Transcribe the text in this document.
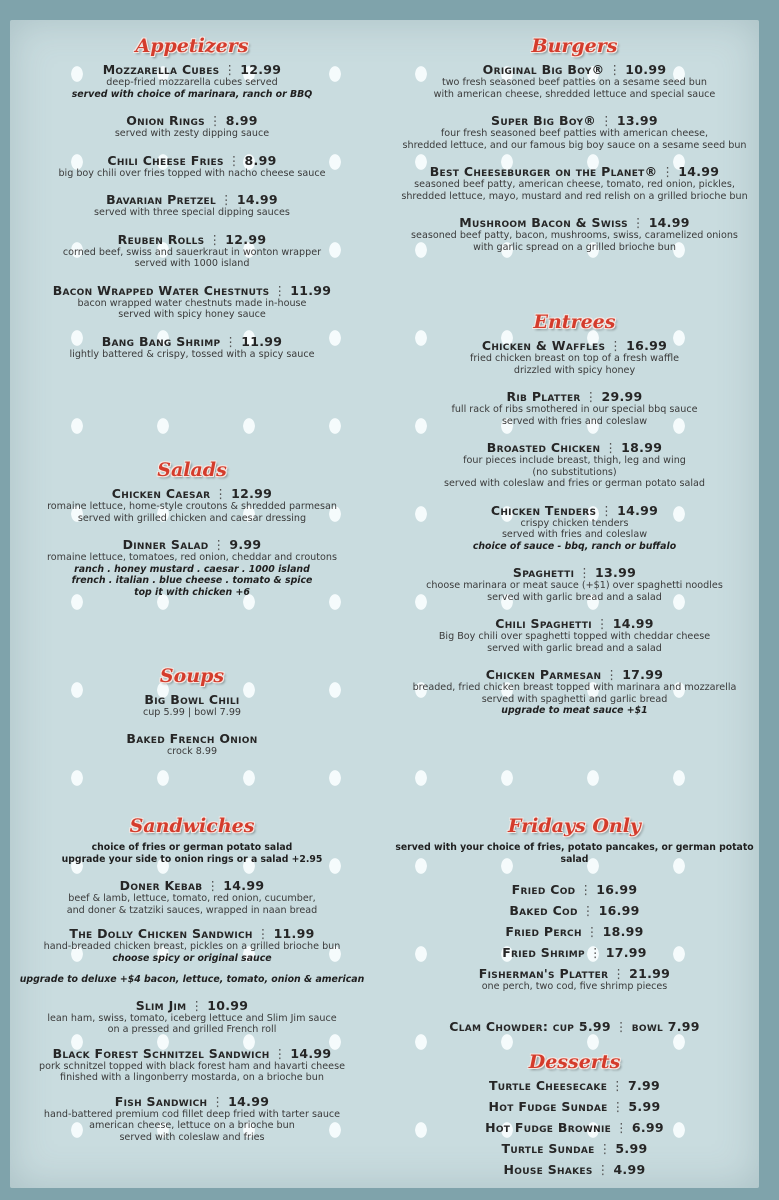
Appetizers
Mozzarella Cubes ⋮ 12.99
deep-fried mozzarella cubes served
served with choice of marinara, ranch or BBQ
Onion Rings ⋮ 8.99
served with zesty dipping sauce
Chili Cheese Fries ⋮ 8.99
big boy chili over fries topped with nacho cheese sauce
Bavarian Pretzel ⋮ 14.99
served with three special dipping sauces
Reuben Rolls ⋮ 12.99
corned beef, swiss and sauerkraut in wonton wrapper
served with 1000 island
Bacon Wrapped Water Chestnuts ⋮ 11.99
bacon wrapped water chestnuts made in-house
served with spicy honey sauce
Bang Bang Shrimp ⋮ 11.99
lightly battered & crispy, tossed with a spicy sauce
Salads
Chicken Caesar ⋮ 12.99
romaine lettuce, home-style croutons & shredded parmesan
served with grilled chicken and caesar dressing
Dinner Salad ⋮ 9.99
romaine lettuce, tomatoes, red onion, cheddar and croutons
ranch . honey mustard . caesar . 1000 island
french . italian . blue cheese . tomato & spice
top it with chicken +6
Soups
Big Bowl Chili
cup 5.99 | bowl 7.99
Baked French Onion
crock 8.99
Sandwiches
choice of fries or german potato salad
upgrade your side to onion rings or a salad +2.95
Doner Kebab ⋮ 14.99
beef & lamb, lettuce, tomato, red onion, cucumber,
and doner & tzatziki sauces, wrapped in naan bread
The Dolly Chicken Sandwich ⋮ 11.99
hand-breaded chicken breast, pickles on a grilled brioche bun
choose spicy or original sauce
upgrade to deluxe +$4 bacon, lettuce, tomato, onion & american
Slim Jim ⋮ 10.99
lean ham, swiss, tomato, iceberg lettuce and Slim Jim sauce
on a pressed and grilled French roll
Black Forest Schnitzel Sandwich ⋮ 14.99
pork schnitzel topped with black forest ham and havarti cheese
finished with a lingonberry mostarda, on a brioche bun
Fish Sandwich ⋮ 14.99
hand-battered premium cod fillet deep fried with tarter sauce
american cheese, lettuce on a brioche bun
served with coleslaw and fries
Burgers
Original Big Boy® ⋮ 10.99
two fresh seasoned beef patties on a sesame seed bun
with american cheese, shredded lettuce and special sauce
Super Big Boy® ⋮ 13.99
four fresh seasoned beef patties with american cheese,
shredded lettuce, and our famous big boy sauce on a sesame seed bun
Best Cheeseburger on the Planet® ⋮ 14.99
seasoned beef patty, american cheese, tomato, red onion, pickles,
shredded lettuce, mayo, mustard and red relish on a grilled brioche bun
Mushroom Bacon & Swiss ⋮ 14.99
seasoned beef patty, bacon, mushrooms, swiss, caramelized onions
with garlic spread on a grilled brioche bun
Entrees
Chicken & Waffles ⋮ 16.99
fried chicken breast on top of a fresh waffle
drizzled with spicy honey
Rib Platter ⋮ 29.99
full rack of ribs smothered in our special bbq sauce
served with fries and coleslaw
Broasted Chicken ⋮ 18.99
four pieces include breast, thigh, leg and wing
(no substitutions)
served with coleslaw and fries or german potato salad
Chicken Tenders ⋮ 14.99
crispy chicken tenders
served with fries and coleslaw
choice of sauce - bbq, ranch or buffalo
Spaghetti ⋮ 13.99
choose marinara or meat sauce (+$1) over spaghetti noodles
served with garlic bread and a salad
Chili Spaghetti ⋮ 14.99
Big Boy chili over spaghetti topped with cheddar cheese
served with garlic bread and a salad
Chicken Parmesan ⋮ 17.99
breaded, fried chicken breast topped with marinara and mozzarella
served with spaghetti and garlic bread
upgrade to meat sauce +$1
Fridays Only
served with your choice of fries, potato pancakes, or german potato salad
Fried Cod ⋮ 16.99
Baked Cod ⋮ 16.99
Fried Perch ⋮ 18.99
Fried Shrimp ⋮ 17.99
Fisherman's Platter ⋮ 21.99
one perch, two cod, five shrimp pieces
Clam Chowder: cup 5.99 ⋮ bowl 7.99
Desserts
Turtle Cheesecake ⋮ 7.99
Hot Fudge Sundae ⋮ 5.99
Hot Fudge Brownie ⋮ 6.99
Turtle Sundae ⋮ 5.99
House Shakes ⋮ 4.99
